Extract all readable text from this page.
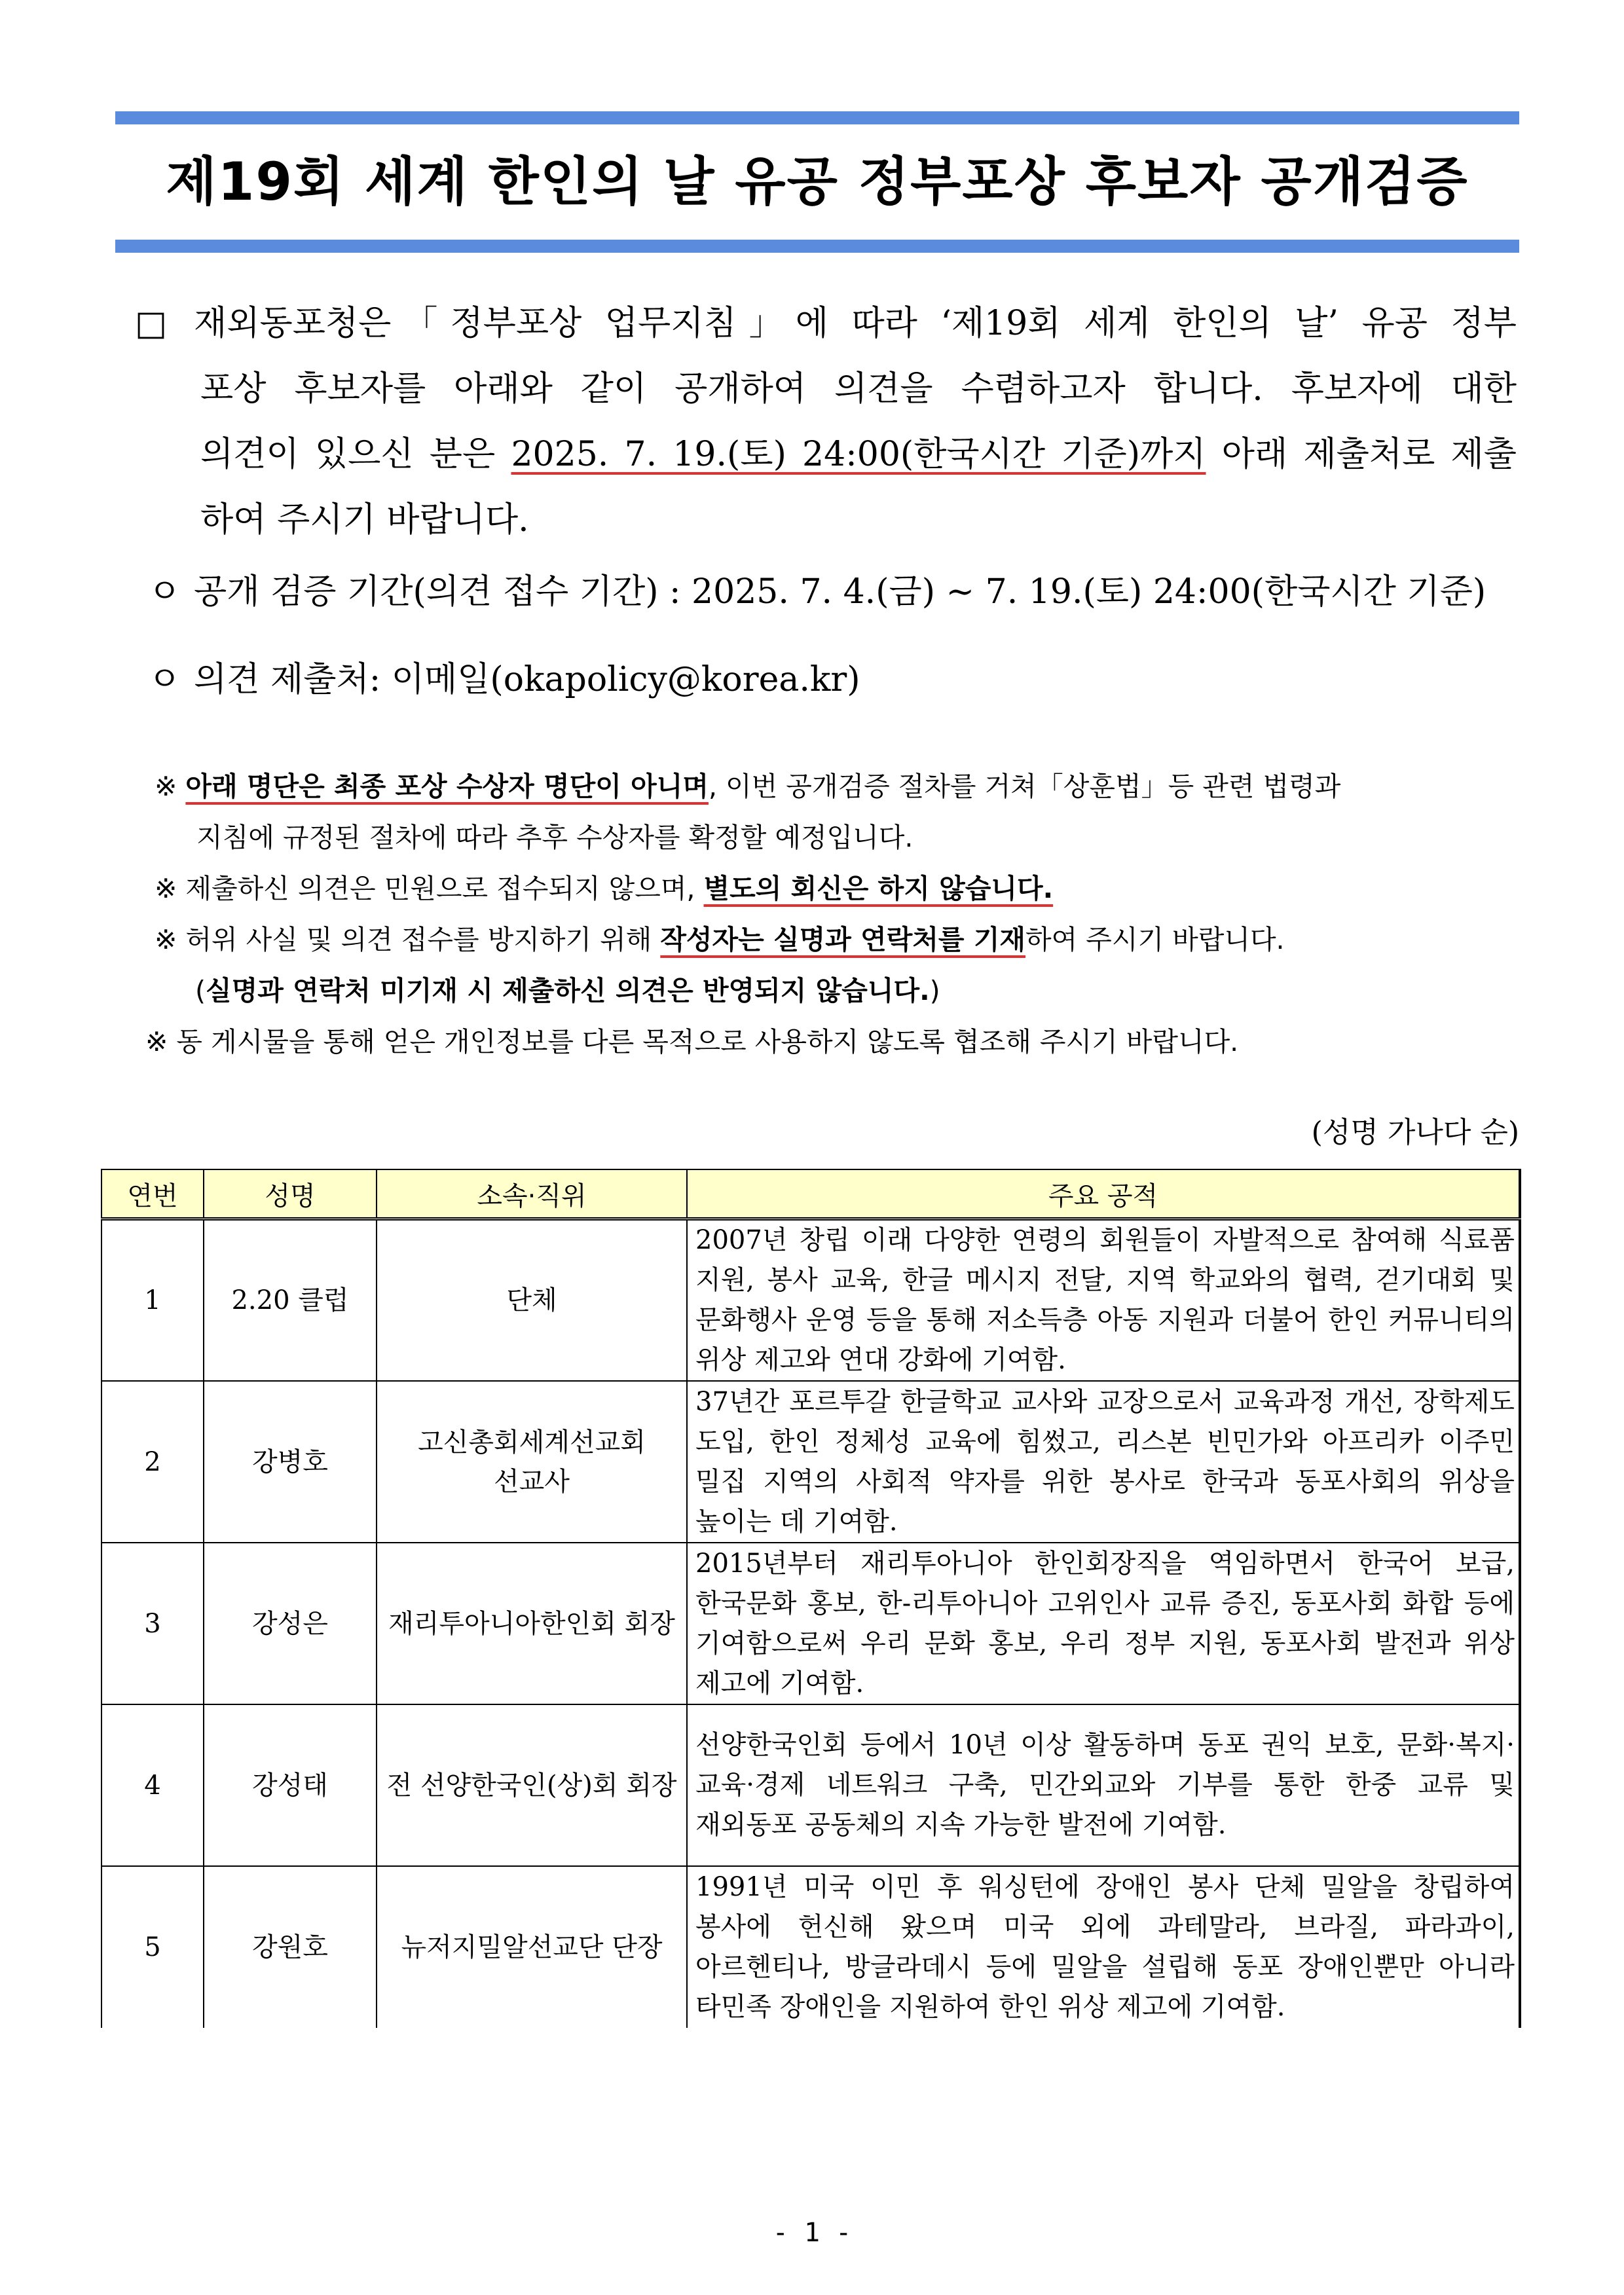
제19회 세계 한인의 날 유공 정부포상 후보자 공개검증
□ 재외동포청은「정부포상 업무지침」에 따라 ‘제19회 세계 한인의 날’ 유공 정부
포상 후보자를 아래와 같이 공개하여 의견을 수렴하고자 합니다. 후보자에 대한
의견이 있으신 분은 2025. 7. 19.(토) 24:00(한국시간 기준)까지 아래 제출처로 제출
하여 주시기 바랍니다.
ㅇ 공개 검증 기간(의견 접수 기간) : 2025. 7. 4.(금) ~ 7. 19.(토) 24:00(한국시간 기준)
ㅇ 의견 제출처: 이메일(okapolicy@korea.kr)
※ 아래 명단은 최종 포상 수상자 명단이 아니며, 이번 공개검증 절차를 거쳐「상훈법」등 관련 법령과
지침에 규정된 절차에 따라 추후 수상자를 확정할 예정입니다.
※ 제출하신 의견은 민원으로 접수되지 않으며, 별도의 회신은 하지 않습니다.
※ 허위 사실 및 의견 접수를 방지하기 위해 작성자는 실명과 연락처를 기재하여 주시기 바랍니다.
(실명과 연락처 미기재 시 제출하신 의견은 반영되지 않습니다.)
※ 동 게시물을 통해 얻은 개인정보를 다른 목적으로 사용하지 않도록 협조해 주시기 바랍니다.
(성명 가나다 순)
연번	성명	소속·직위	주요 공적
1	2.20 클럽	단체	2007년 창립 이래 다양한 연령의 회원들이 자발적으로 참여해 식료품 지원, 봉사 교육, 한글 메시지 전달, 지역 학교와의 협력, 걷기대회 및 문화행사 운영 등을 통해 저소득층 아동 지원과 더불어 한인 커뮤니티의 위상 제고와 연대 강화에 기여함.
2	강병호	고신총회세계선교회 선교사	37년간 포르투갈 한글학교 교사와 교장으로서 교육과정 개선, 장학제도 도입, 한인 정체성 교육에 힘썼고, 리스본 빈민가와 아프리카 이주민 밀집 지역의 사회적 약자를 위한 봉사로 한국과 동포사회의 위상을 높이는 데 기여함.
3	강성은	재리투아니아한인회 회장	2015년부터 재리투아니아 한인회장직을 역임하면서 한국어 보급, 한국문화 홍보, 한-리투아니아 고위인사 교류 증진, 동포사회 화합 등에 기여함으로써 우리 문화 홍보, 우리 정부 지원, 동포사회 발전과 위상 제고에 기여함.
4	강성태	전 선양한국인(상)회 회장	선양한국인회 등에서 10년 이상 활동하며 동포 권익 보호, 문화·복지·교육·경제 네트워크 구축, 민간외교와 기부를 통한 한중 교류 및 재외동포 공동체의 지속 가능한 발전에 기여함.
5	강원호	뉴저지밀알선교단 단장	1991년 미국 이민 후 워싱턴에 장애인 봉사 단체 밀알을 창립하여 봉사에 헌신해 왔으며 미국 외에 과테말라, 브라질, 파라과이, 아르헨티나, 방글라데시 등에 밀알을 설립해 동포 장애인뿐만 아니라 타민족 장애인을 지원하여 한인 위상 제고에 기여함.
- 1 -
